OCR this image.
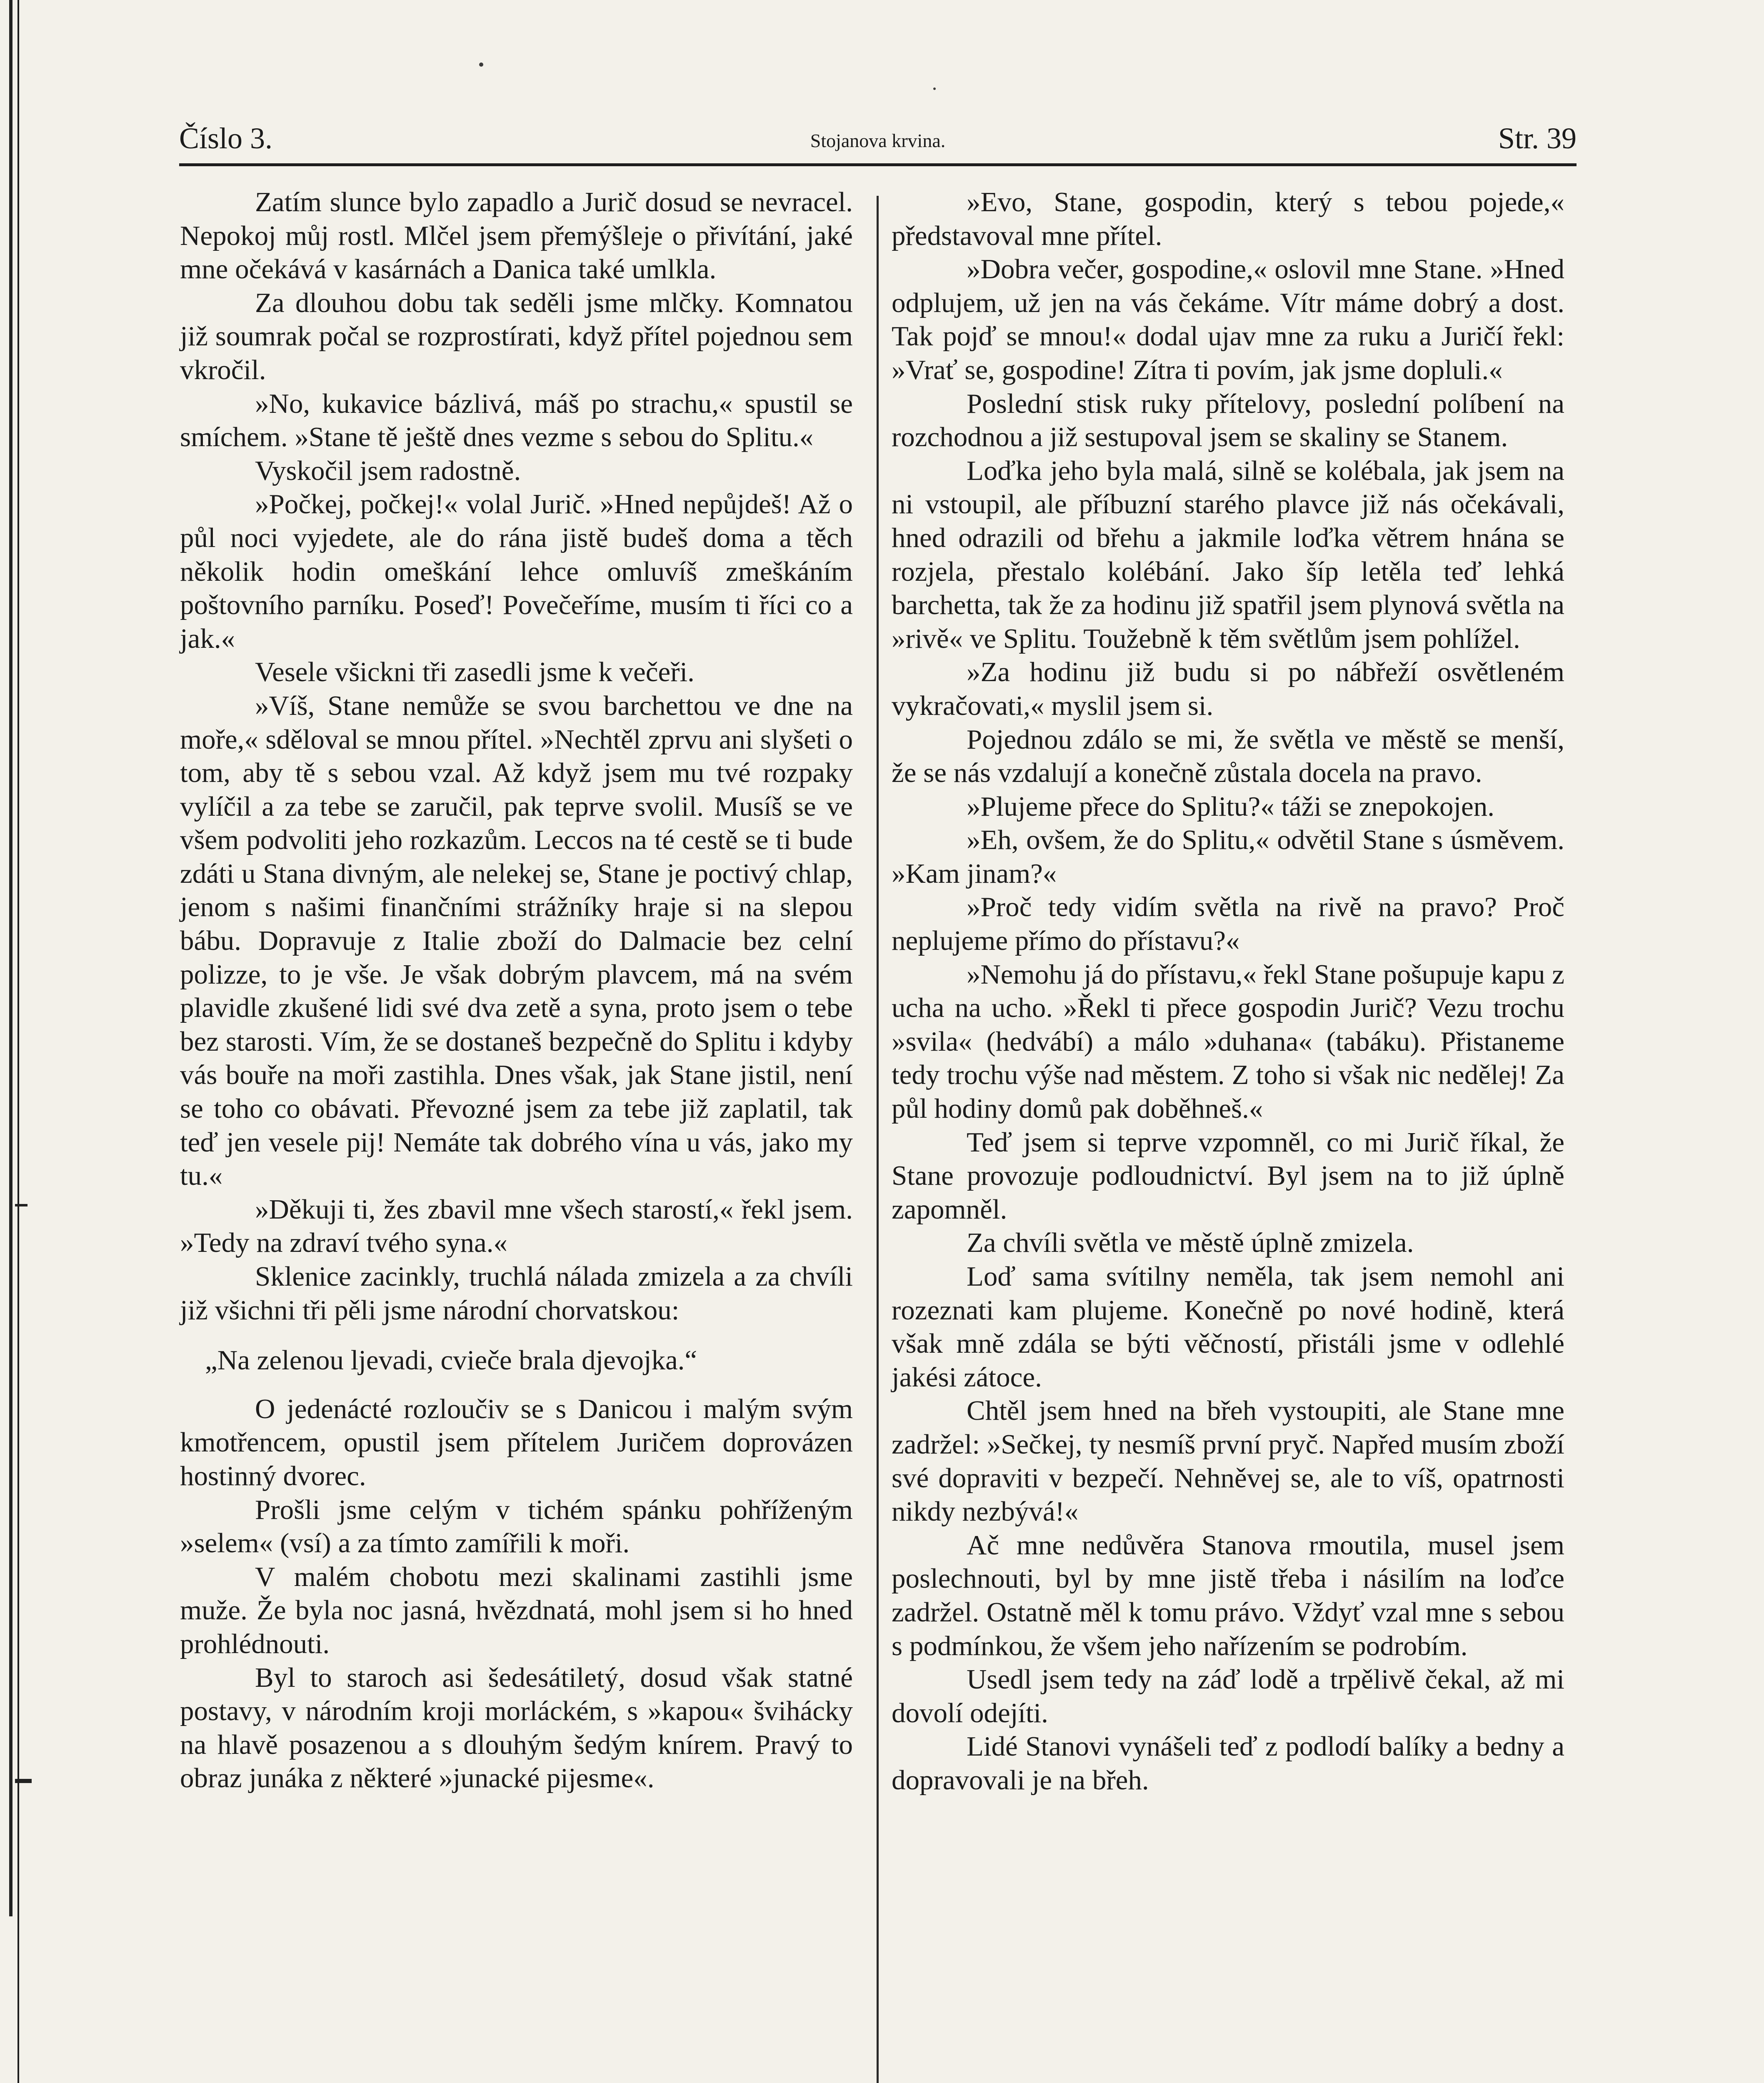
Číslo 3.	Stojanova krvina.	Str. 39

Zatím slunce bylo zapadlo a Jurič dosud se nevracel. Nepokoj můj rostl. Mlčel jsem přemýšleje o přivítání, jaké mne očekává v kasárnách a Danica také umlkla.

Za dlouhou dobu tak seděli jsme mlčky. Komnatou již soumrak počal se rozprostírati, když přítel pojednou sem vkročil.

»No, kukavice bázlivá, máš po strachu,« spustil se smíchem. »Stane tě ještě dnes vezme s sebou do Splitu.«

Vyskočil jsem radostně.

»Počkej, počkej!« volal Jurič. »Hned nepůjdeš! Až o půl noci vyjedete, ale do rána jistě budeš doma a těch několik hodin omeškání lehce omluvíš zmeškáním poštovního parníku. Poseď! Povečeříme, musím ti říci co a jak.«

Vesele všickni tři zasedli jsme k večeři.

»Víš, Stane nemůže se svou barchettou ve dne na moře,« sděloval se mnou přítel. »Nechtěl zprvu ani slyšeti o tom, aby tě s sebou vzal. Až když jsem mu tvé rozpaky vylíčil a za tebe se zaručil, pak teprve svolil. Musíš se ve všem podvoliti jeho rozkazům. Leccos na té cestě se ti bude zdáti u Stana divným, ale nelekej se, Stane je poctivý chlap, jenom s našimi finančními strážníky hraje si na slepou bábu. Dopravuje z Italie zboží do Dalmacie bez celní polizze, to je vše. Je však dobrým plavcem, má na svém plavidle zkušené lidi své dva zetě a syna, proto jsem o tebe bez starosti. Vím, že se dostaneš bezpečně do Splitu i kdyby vás bouře na moři zastihla. Dnes však, jak Stane jistil, není se toho co obávati. Převozné jsem za tebe již zaplatil, tak teď jen vesele pij! Nemáte tak dobrého vína u vás, jako my tu.«

»Děkuji ti, žes zbavil mne všech starostí,« řekl jsem. »Tedy na zdraví tvého syna.«

Sklenice zacinkly, truchlá nálada zmizela a za chvíli již všichni tři pěli jsme národní chorvatskou:

„Na zelenou ljevadi, cvieče brala djevojka.“

O jedenácté rozloučiv se s Danicou i malým svým kmotřencem, opustil jsem přítelem Juričem doprovázen hostinný dvorec.

Prošli jsme celým v tichém spánku pohříženým »selem« (vsí) a za tímto zamířili k moři.

V malém chobotu mezi skalinami zastihli jsme muže. Že byla noc jasná, hvězdnatá, mohl jsem si ho hned prohlédnouti.

Byl to staroch asi šedesátiletý, dosud však statné postavy, v národním kroji morláckém, s »kapou« švihácky na hlavě posazenou a s dlouhým šedým knírem. Pravý to obraz junáka z některé »junacké pijesme«.

»Evo, Stane, gospodin, který s tebou pojede,« představoval mne přítel.

»Dobra večer, gospodine,« oslovil mne Stane. »Hned odplujem, už jen na vás čekáme. Vítr máme dobrý a dost. Tak pojď se mnou!« dodal ujav mne za ruku a Juričí řekl: »Vrať se, gospodine! Zítra ti povím, jak jsme dopluli.«

Poslední stisk ruky přítelovy, poslední políbení na rozchodnou a již sestupoval jsem se skaliny se Stanem.

Loďka jeho byla malá, silně se kolébala, jak jsem na ni vstoupil, ale příbuzní starého plavce již nás očekávali, hned odrazili od břehu a jakmile loďka větrem hnána se rozjela, přestalo kolébání. Jako šíp letěla teď lehká barchetta, tak že za hodinu již spatřil jsem plynová světla na »rivě« ve Splitu. Toužebně k těm světlům jsem pohlížel.

»Za hodinu již budu si po nábřeží osvětleném vykračovati,« myslil jsem si.

Pojednou zdálo se mi, že světla ve městě se menší, že se nás vzdalují a konečně zůstala docela na pravo.

»Plujeme přece do Splitu?« táži se znepokojen.

»Eh, ovšem, že do Splitu,« odvětil Stane s úsměvem. »Kam jinam?«

»Proč tedy vidím světla na rivě na pravo? Proč neplujeme přímo do přístavu?«

»Nemohu já do přístavu,« řekl Stane pošupuje kapu z ucha na ucho. »Řekl ti přece gospodin Jurič? Vezu trochu »svila« (hedvábí) a málo »duhana« (tabáku). Přistaneme tedy trochu výše nad městem. Z toho si však nic nedělej! Za půl hodiny domů pak doběhneš.«

Teď jsem si teprve vzpomněl, co mi Jurič říkal, že Stane provozuje podloudnictví. Byl jsem na to již úplně zapomněl.

Za chvíli světla ve městě úplně zmizela.

Loď sama svítilny neměla, tak jsem nemohl ani rozeznati kam plujeme. Konečně po nové hodině, která však mně zdála se býti věčností, přistáli jsme v odlehlé jakési zátoce.

Chtěl jsem hned na břeh vystoupiti, ale Stane mne zadržel: »Sečkej, ty nesmíš první pryč. Napřed musím zboží své dopraviti v bezpečí. Nehněvej se, ale to víš, opatrnosti nikdy nezbývá!«

Ač mne nedůvěra Stanova rmoutila, musel jsem poslechnouti, byl by mne jistě třeba i násilím na loďce zadržel. Ostatně měl k tomu právo. Vždyť vzal mne s sebou s podmínkou, že všem jeho nařízením se podrobím.

Usedl jsem tedy na záď lodě a trpělivě čekal, až mi dovolí odejíti.

Lidé Stanovi vynášeli teď z podlodí balíky a bedny a dopravovali je na břeh.
